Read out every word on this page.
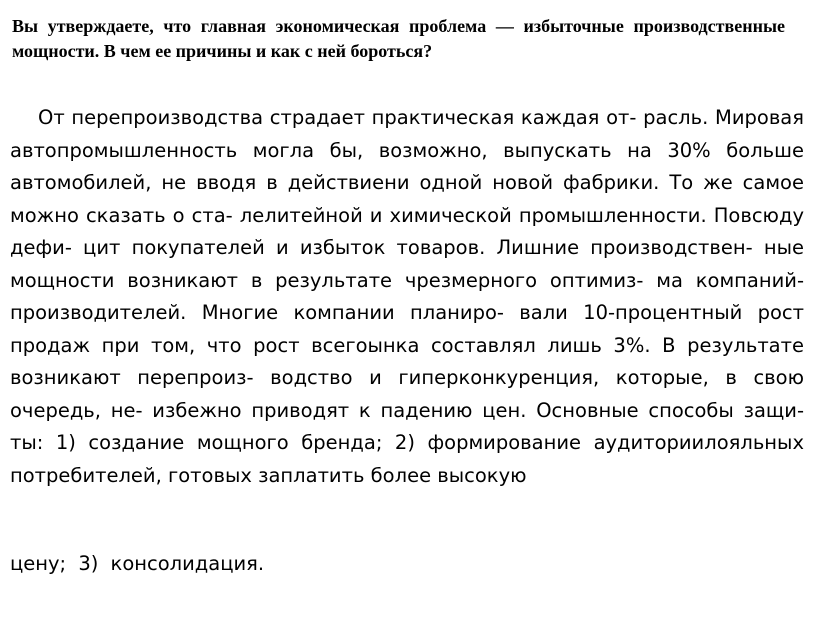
Вы утверждаете, что главная экономическая проблема — избыточные производственные мощности. В чем ее причины и как с ней бороться?

От перепроизводства страдает практическая каждая от- расль. Мировая автопромышленность могла бы, возможно, выпускать на 30% больше автомобилей, не вводя в действиени одной новой фабрики. То же самое можно сказать о ста- лелитейной и химической промышленности. Повсюду дефи- цит покупателей и избыток товаров. Лишние производствен- ные мощности возникают в результате чрезмерного оптимиз- ма компаний-производителей. Многие компании планиро- вали 10-процентный рост продаж при том, что рост всегоынка составлял лишь 3%. В результате возникают перепроиз- водство и гиперконкуренция, которые, в свою очередь, не- избежно приводят к падению цен. Основные способы защи- ты: 1) создание мощного бренда; 2) формирование аудиториилояльных потребителей, готовых заплатить более высокую

цену; 3) консолидация.
